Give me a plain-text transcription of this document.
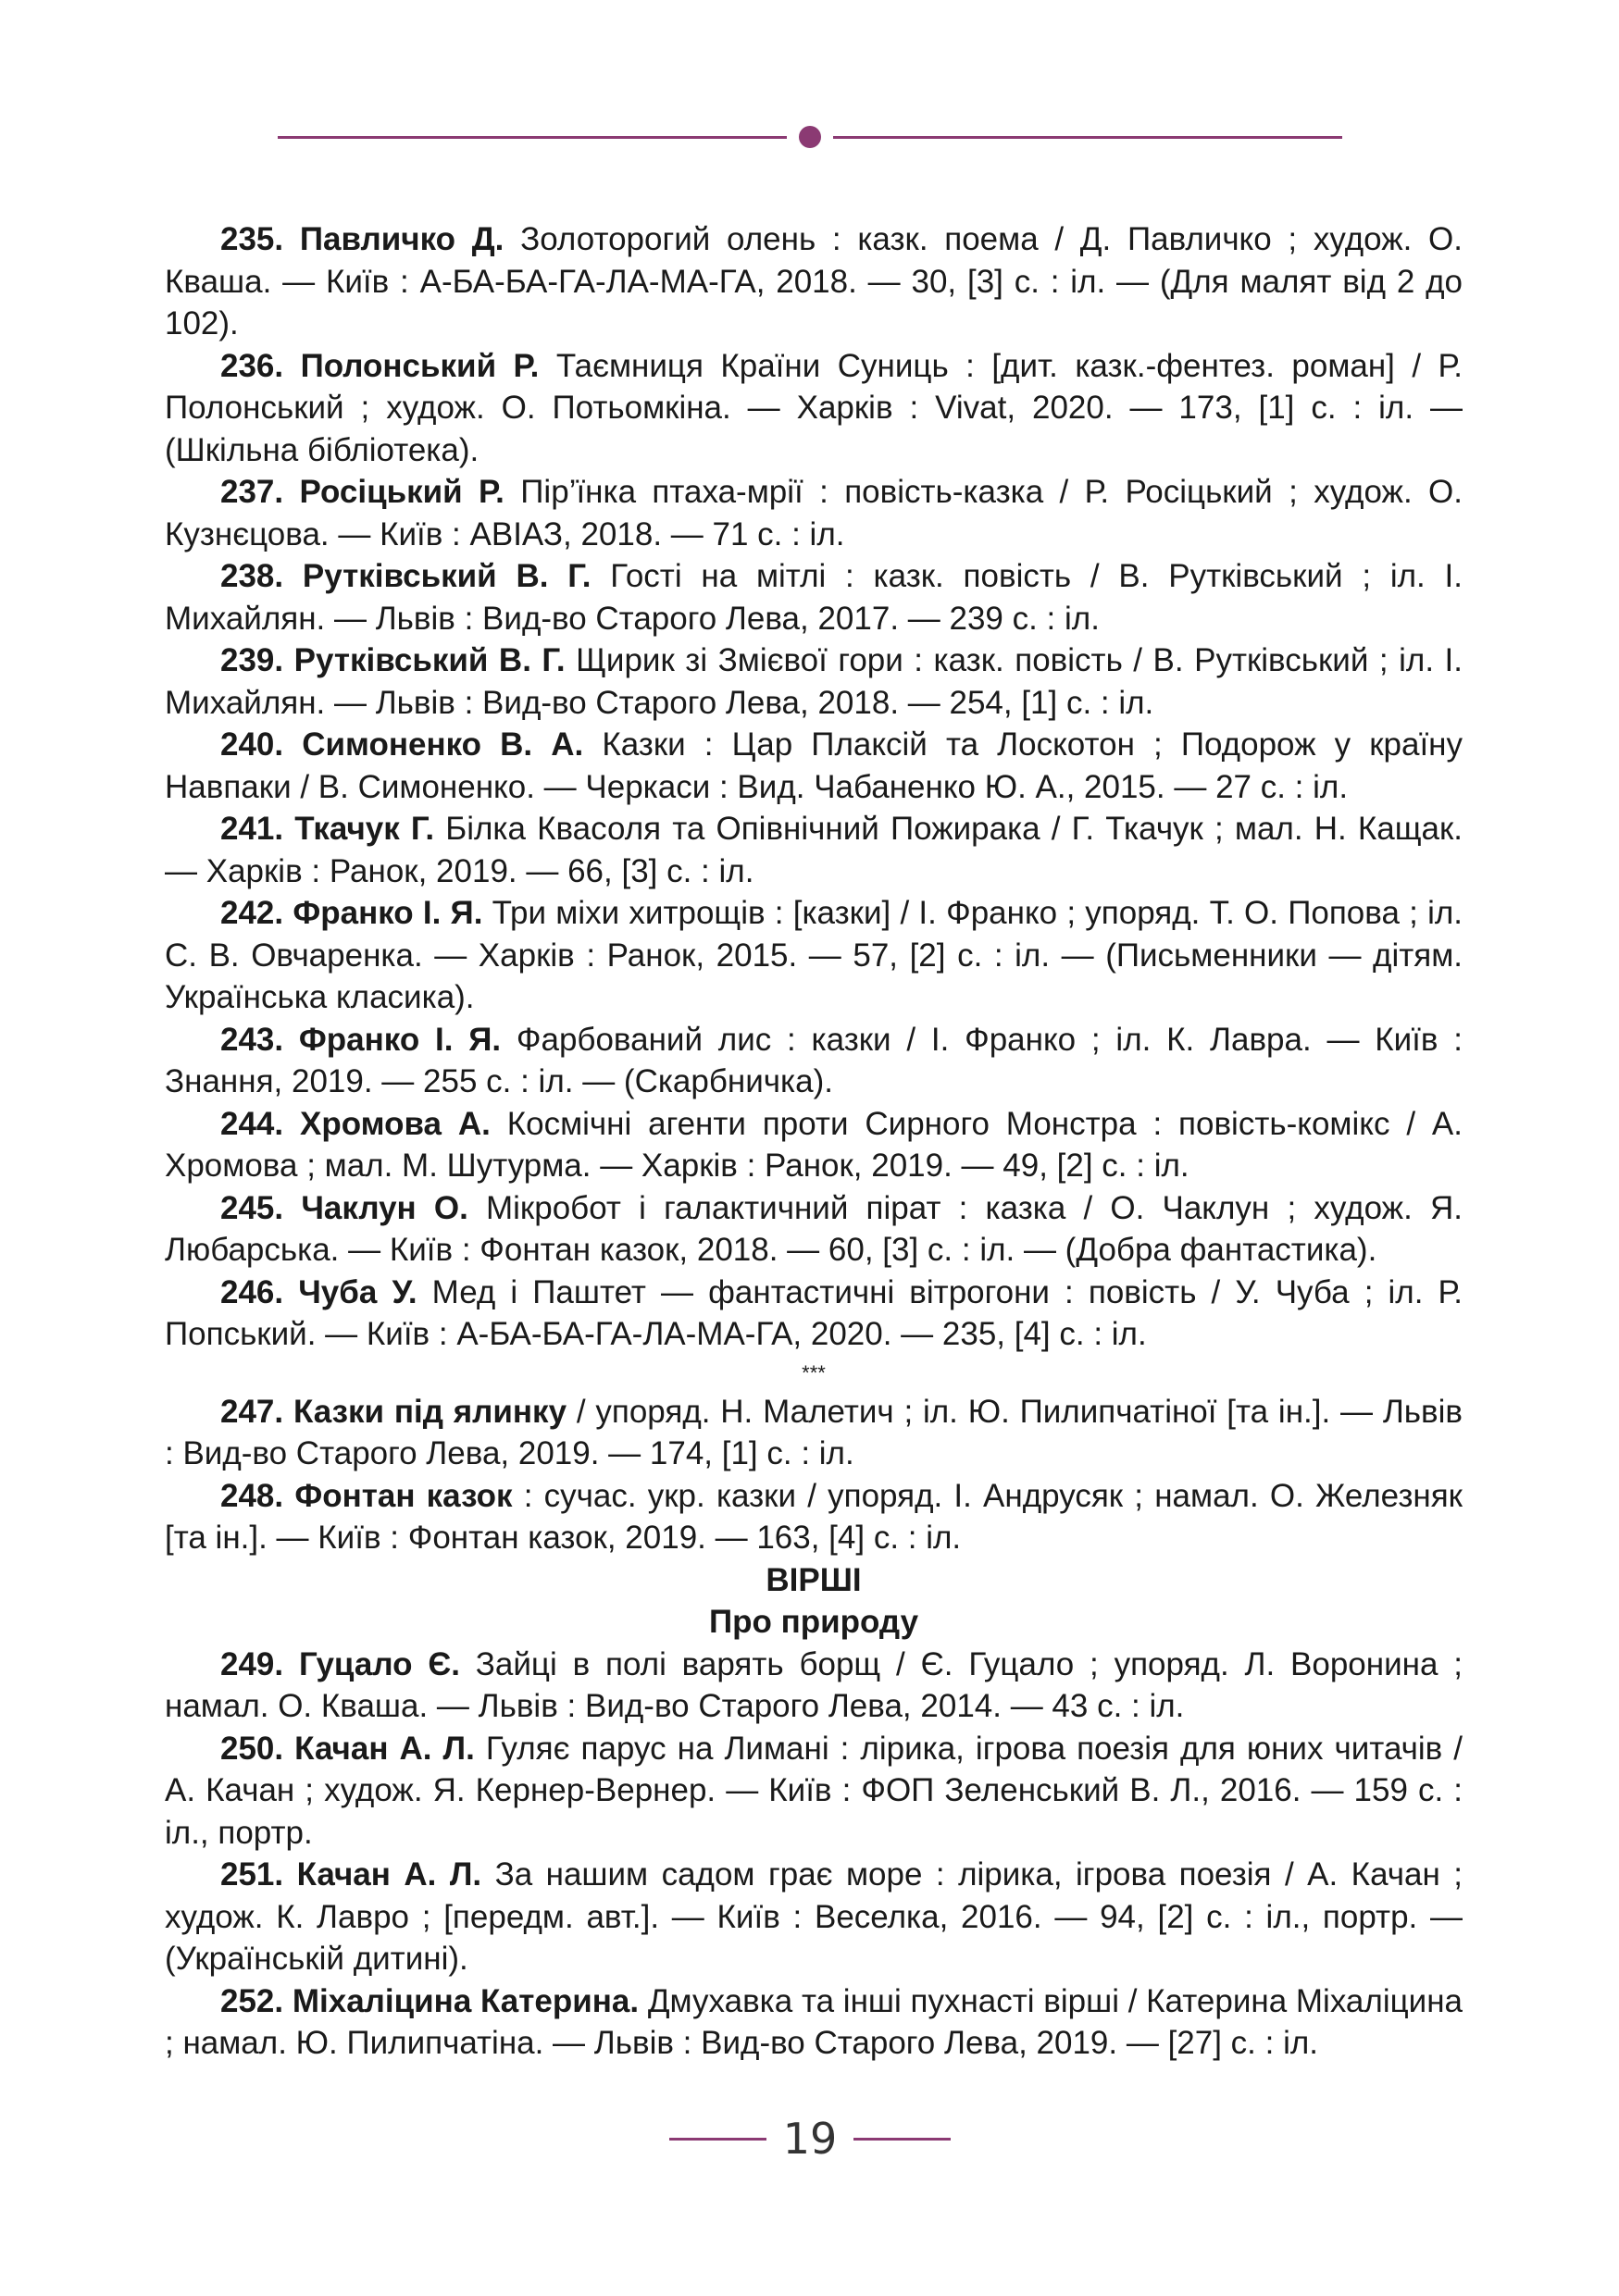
235. Павличко Д. Золоторогий олень : казк. поема / Д. Павличко ; худож. О. Кваша. — Київ : А-БА-БА-ГА-ЛА-МА-ГА, 2018. — 30, [3] с. : іл. — (Для малят від 2 до 102).

236. Полонський Р. Таємниця Країни Суниць : [дит. казк.-фентез. роман] / Р. Полонський ; худож. О. Потьомкіна. — Харків : Vivat, 2020. — 173, [1] с. : іл. — (Шкільна бібліотека).

237. Росіцький Р. Пір’їнка птаха-мрії : повість-казка / Р. Росіцький ; худож. О. Кузнєцова. — Київ : АВІАЗ, 2018. — 71 с. : іл.

238. Рутківський В. Г. Гості на мітлі : казк. повість / В. Рутківський ; іл. І. Михайлян. — Львів : Вид-во Старого Лева, 2017. — 239 с. : іл.

239. Рутківський В. Г. Щирик зі Змієвої гори : казк. повість / В. Рутківський ; іл. І. Михайлян. — Львів : Вид-во Старого Лева, 2018. — 254, [1] с. : іл.

240. Симоненко В. А. Казки : Цар Плаксій та Лоскотон ; Подорож у країну Навпаки / В. Симоненко. — Черкаси : Вид. Чабаненко Ю. А., 2015. — 27 с. : іл.

241. Ткачук Г. Білка Квасоля та Опівнічний Пожирака / Г. Ткачук ; мал. Н. Кащак. — Харків : Ранок, 2019. — 66, [3] с. : іл.

242. Франко І. Я. Три міхи хитрощів : [казки] / І. Франко ; упоряд. Т. О. Попова ; іл. С. В. Овчаренка. — Харків : Ранок, 2015. — 57, [2] с. : іл. — (Письменники — дітям. Українська класика).

243. Франко І. Я. Фарбований лис : казки / І. Франко ; іл. К. Лавра. — Київ : Знання, 2019. — 255 с. : іл. — (Скарбничка).

244. Хромова А. Космічні агенти проти Сирного Монстра : повість-комікс / А. Хромова ; мал. М. Шутурма. — Харків : Ранок, 2019. — 49, [2] с. : іл.

245. Чаклун О. Мікробот і галактичний пірат : казка / О. Чаклун ; худож. Я. Любарська. — Київ : Фонтан казок, 2018. — 60, [3] с. : іл. — (Добра фантастика).

246. Чуба У. Мед і Паштет — фантастичні вітрогони : повість / У. Чуба ; іл. Р. Попський. — Київ : А-БА-БА-ГА-ЛА-МА-ГА, 2020. — 235, [4] с. : іл.

***

247. Казки під ялинку / упоряд. Н. Малетич ; іл. Ю. Пилипчатіної [та ін.]. — Львів : Вид-во Старого Лева, 2019. — 174, [1] с. : іл.

248. Фонтан казок : сучас. укр. казки / упоряд. І. Андрусяк ; намал. О. Железняк [та ін.]. — Київ : Фонтан казок, 2019. — 163, [4] с. : іл.

ВІРШІ
Про природу

249. Гуцало Є. Зайці в полі варять борщ / Є. Гуцало ; упоряд. Л. Воронина ; намал. О. Кваша. — Львів : Вид-во Старого Лева, 2014. — 43 с. : іл.

250. Качан А. Л. Гуляє парус на Лимані : лірика, ігрова поезія для юних читачів / А. Качан ; худож. Я. Кернер-Вернер. — Київ : ФОП Зеленський В. Л., 2016. — 159 с. : іл., портр.

251. Качан А. Л. За нашим садом грає море : лірика, ігрова поезія / А. Качан ; худож. К. Лавро ; [передм. авт.]. — Київ : Веселка, 2016. — 94, [2] с. : іл., портр. — (Українській дитині).

252. Міхаліцина Катерина. Дмухавка та інші пухнасті вірші / Катерина Міхаліцина ; намал. Ю. Пилипчатіна. — Львів : Вид-во Старого Лева, 2019. — [27] с. : іл.

19
